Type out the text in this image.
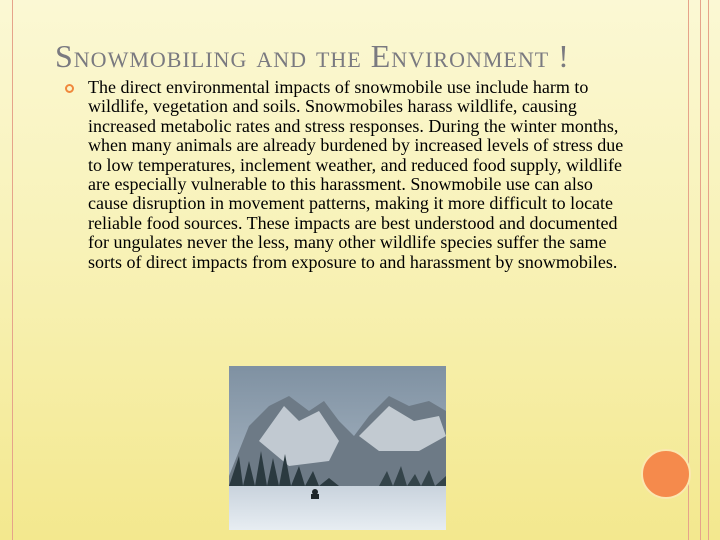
Snowmobiling and the Environment !

The direct environmental impacts of snowmobile use include harm to wildlife, vegetation and soils. Snowmobiles harass wildlife, causing increased metabolic rates and stress responses. During the winter months, when many animals are already burdened by increased levels of stress due to low temperatures, inclement weather, and reduced food supply, wildlife are especially vulnerable to this harassment. Snowmobile use can also cause disruption in movement patterns, making it more difficult to locate reliable food sources. These impacts are best understood and documented for ungulates never the less, many other wildlife species suffer the same sorts of direct impacts from exposure to and harassment by snowmobiles.
